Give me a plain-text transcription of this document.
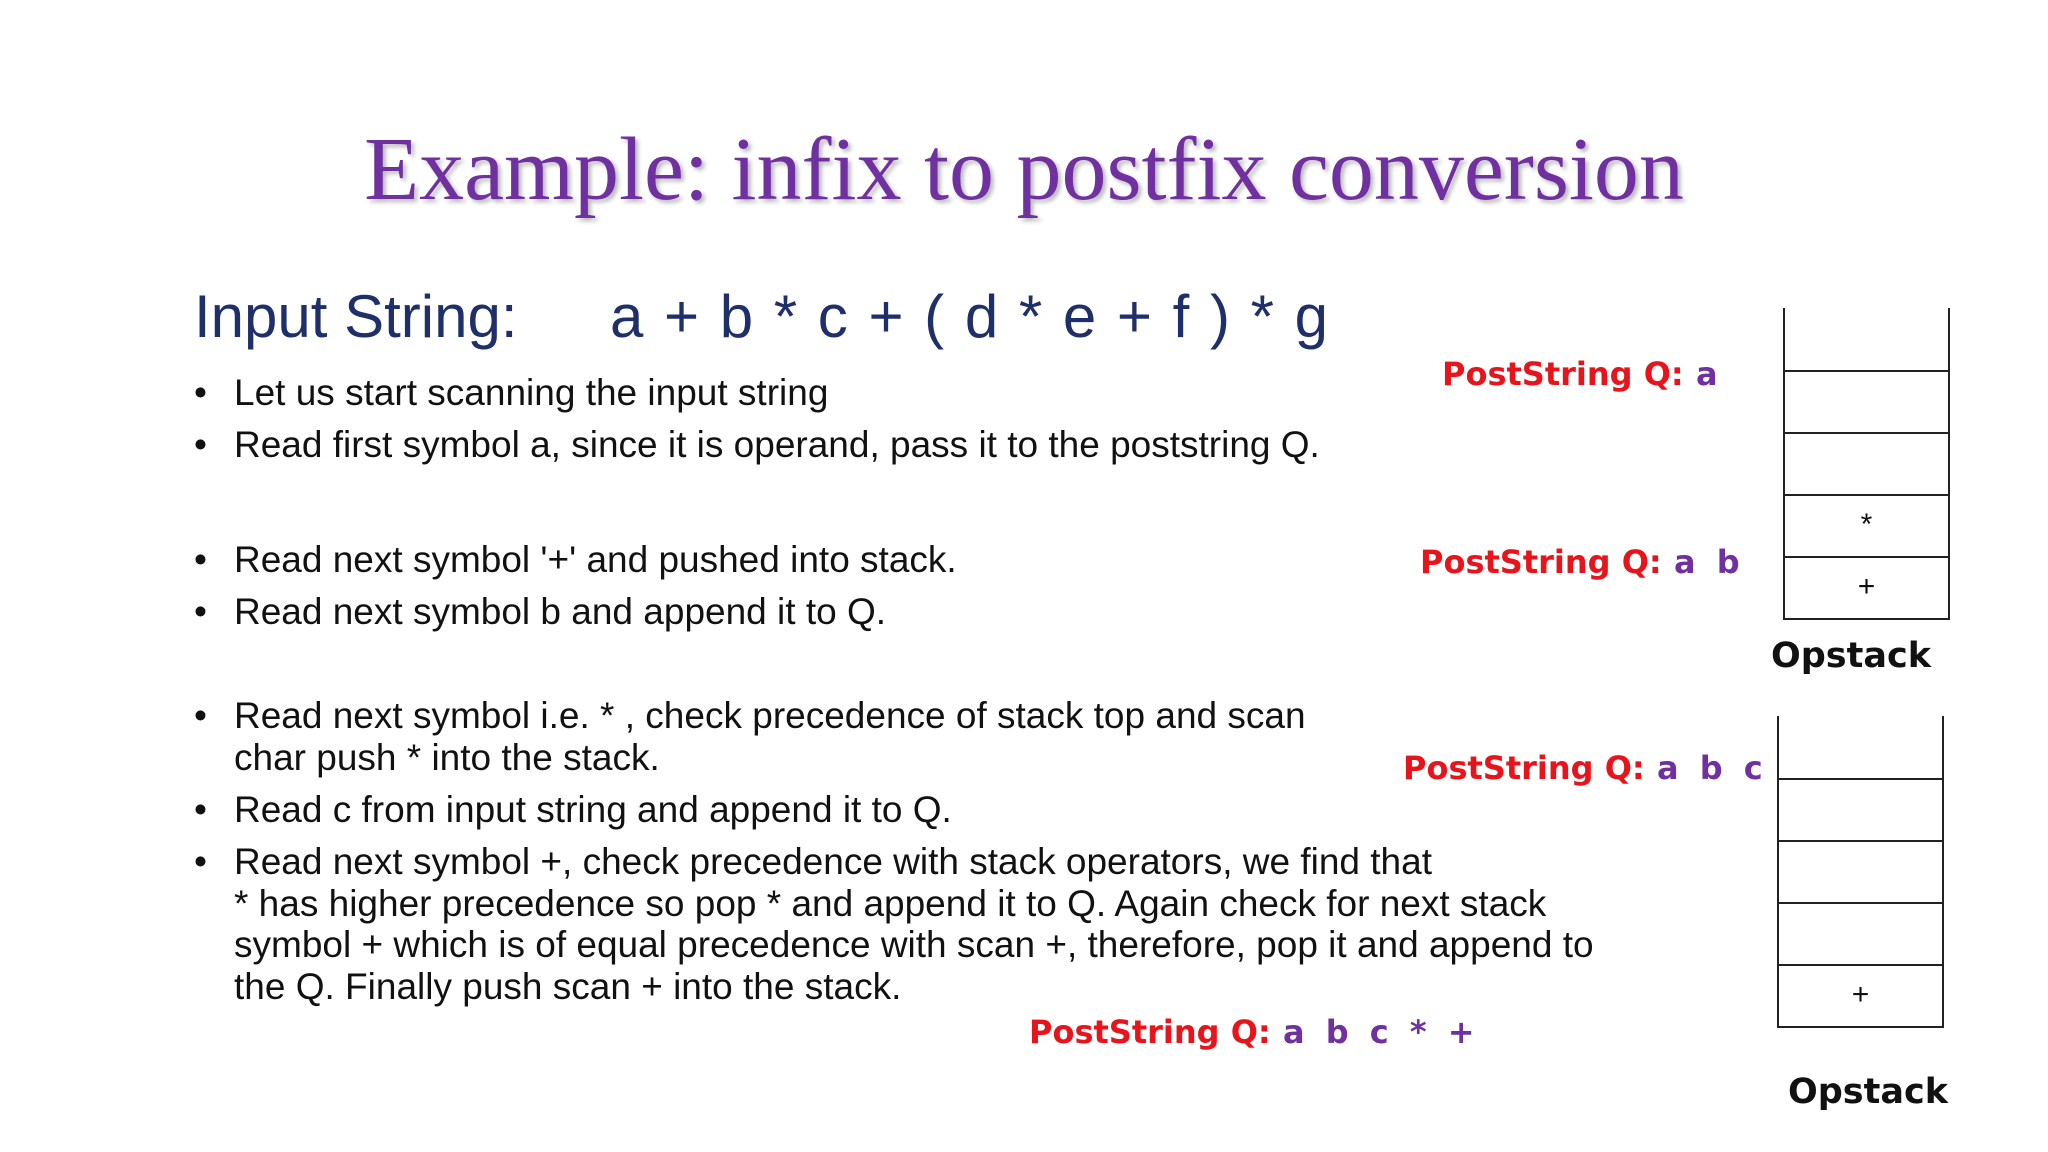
Example: infix to postfix conversion
Input String: a + b * c + ( d * e + f ) * g
• Let us start scanning the input string
• Read first symbol a, since it is operand, pass it to the poststring Q.
• Read next symbol '+' and pushed into stack.
• Read next symbol b and append it to Q.
• Read next symbol i.e. * , check precedence of stack top and scan
char push * into the stack.
• Read c from input string and append it to Q.
• Read next symbol +, check precedence with stack operators, we find that
* has higher precedence so pop * and append it to Q. Again check for next stack
symbol + which is of equal precedence with scan +, therefore, pop it and append to
the Q. Finally push scan + into the stack.
PostString Q: a
PostString Q: a b
PostString Q: a b c
PostString Q: a b c * +
*
+
Opstack
+
Opstack
